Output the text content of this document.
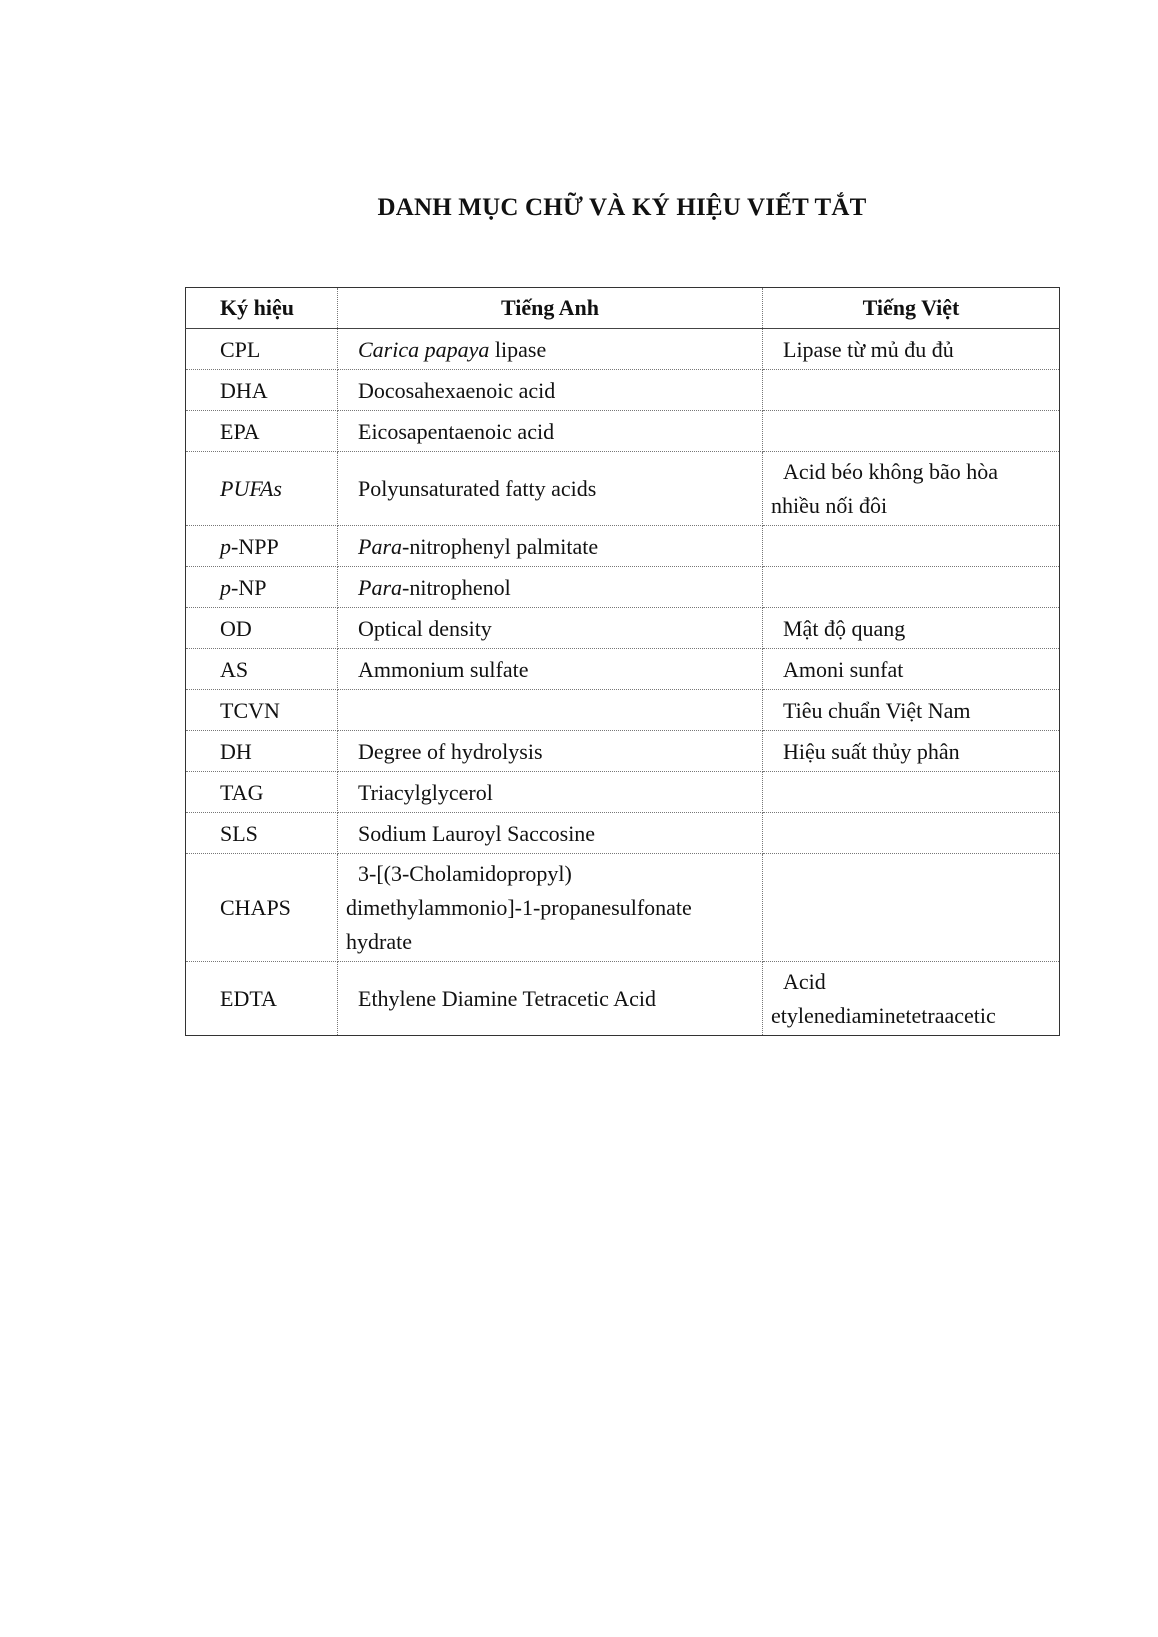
DANH MỤC CHỮ VÀ KÝ HIỆU VIẾT TẮT
Ký hiệu	Tiếng Anh	Tiếng Việt
CPL	Carica papaya lipase	Lipase từ mủ đu đủ
DHA	Docosahexaenoic acid	
EPA	Eicosapentaenoic acid	
PUFAs	Polyunsaturated fatty acids	Acid béo không bão hòa
nhiều nối đôi

p-NPP	Para-nitrophenyl palmitate	
p-NP	Para-nitrophenol	
OD	Optical density	Mật độ quang
AS	Ammonium sulfate	Amoni sunfat
TCVN		Tiêu chuẩn Việt Nam
DH	Degree of hydrolysis	Hiệu suất thủy phân
TAG	Triacylglycerol	
SLS	Sodium Lauroyl Saccosine	
CHAPS	3-[(3-Cholamidopropyl)
dimethylammonio]-1-propanesulfonate
hydrate	

EDTA	Ethylene Diamine Tetracetic Acid	Acid
etylenediaminetetraacetic
